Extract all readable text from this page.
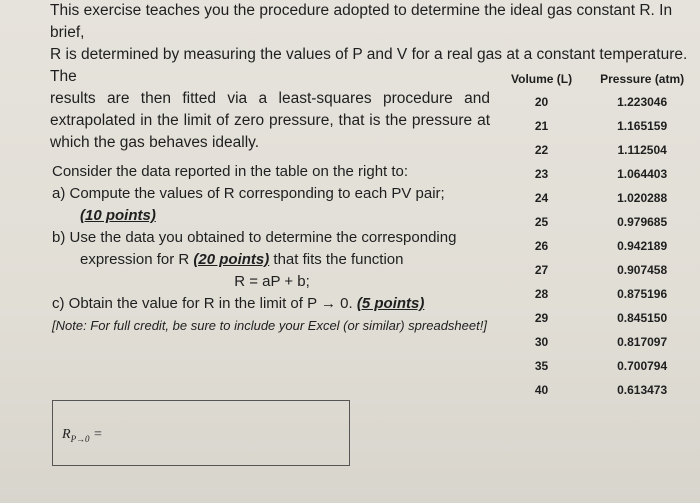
This exercise teaches you the procedure adopted to determine the ideal gas constant R. In brief,
R is determined by measuring the values of P and V for a real gas at a constant temperature. The
results are then fitted via a least-squares procedure and extrapolated in the limit of zero pressure, that is the pressure at which the gas behaves ideally.

Consider the data reported in the table on the right to:

a) Compute the values of R corresponding to each PV pair;

(10 points)

b) Use the data you obtained to determine the corresponding

expression for R (20 points) that fits the function

R = aP + b;

c) Obtain the value for R in the limit of P → 0. (5 points)

[Note: For full credit, be sure to include your Excel (or similar) spreadsheet!]

$R_{P\to 0}$ =
Volume (L)	Pressure (atm)
20	1.223046
21	1.165159
22	1.112504
23	1.064403
24	1.020288
25	0.979685
26	0.942189
27	0.907458
28	0.875196
29	0.845150
30	0.817097
35	0.700794
40	0.613473
